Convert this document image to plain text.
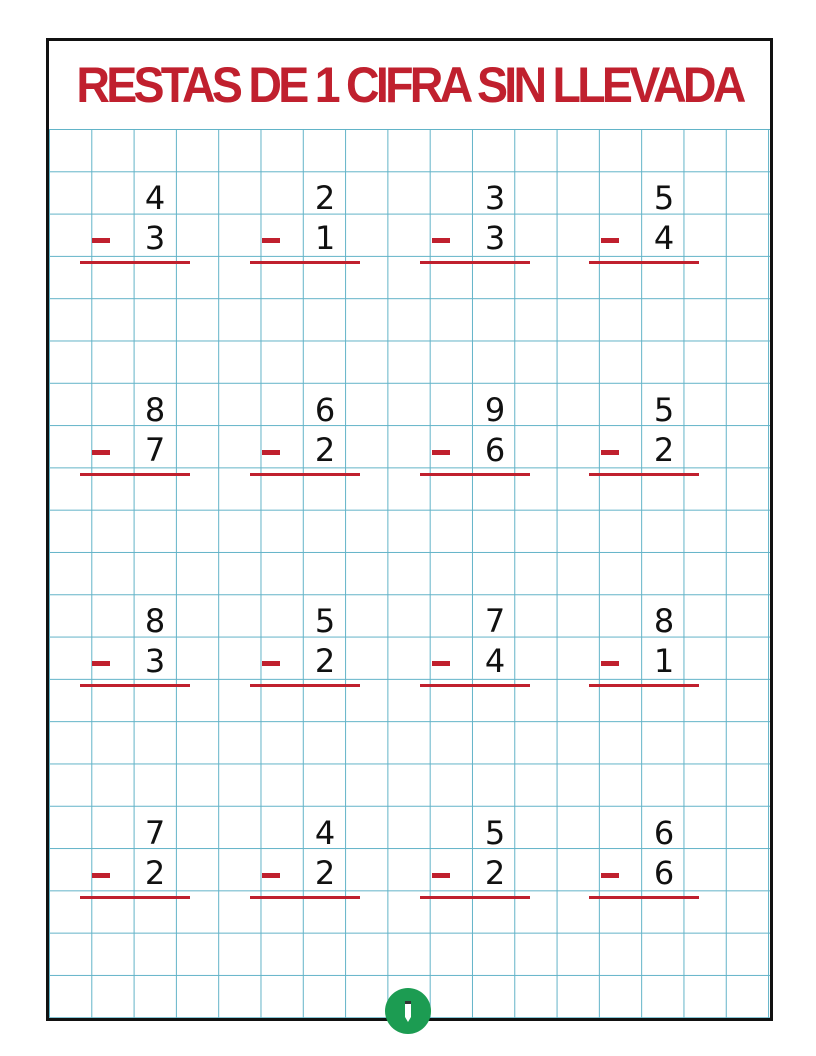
RESTAS DE 1 CIFRA SIN LLEVADA
4
3
2
1
3
3
5
4
8
7
6
2
9
6
5
2
8
3
5
2
7
4
8
1
7
2
4
2
5
2
6
6
